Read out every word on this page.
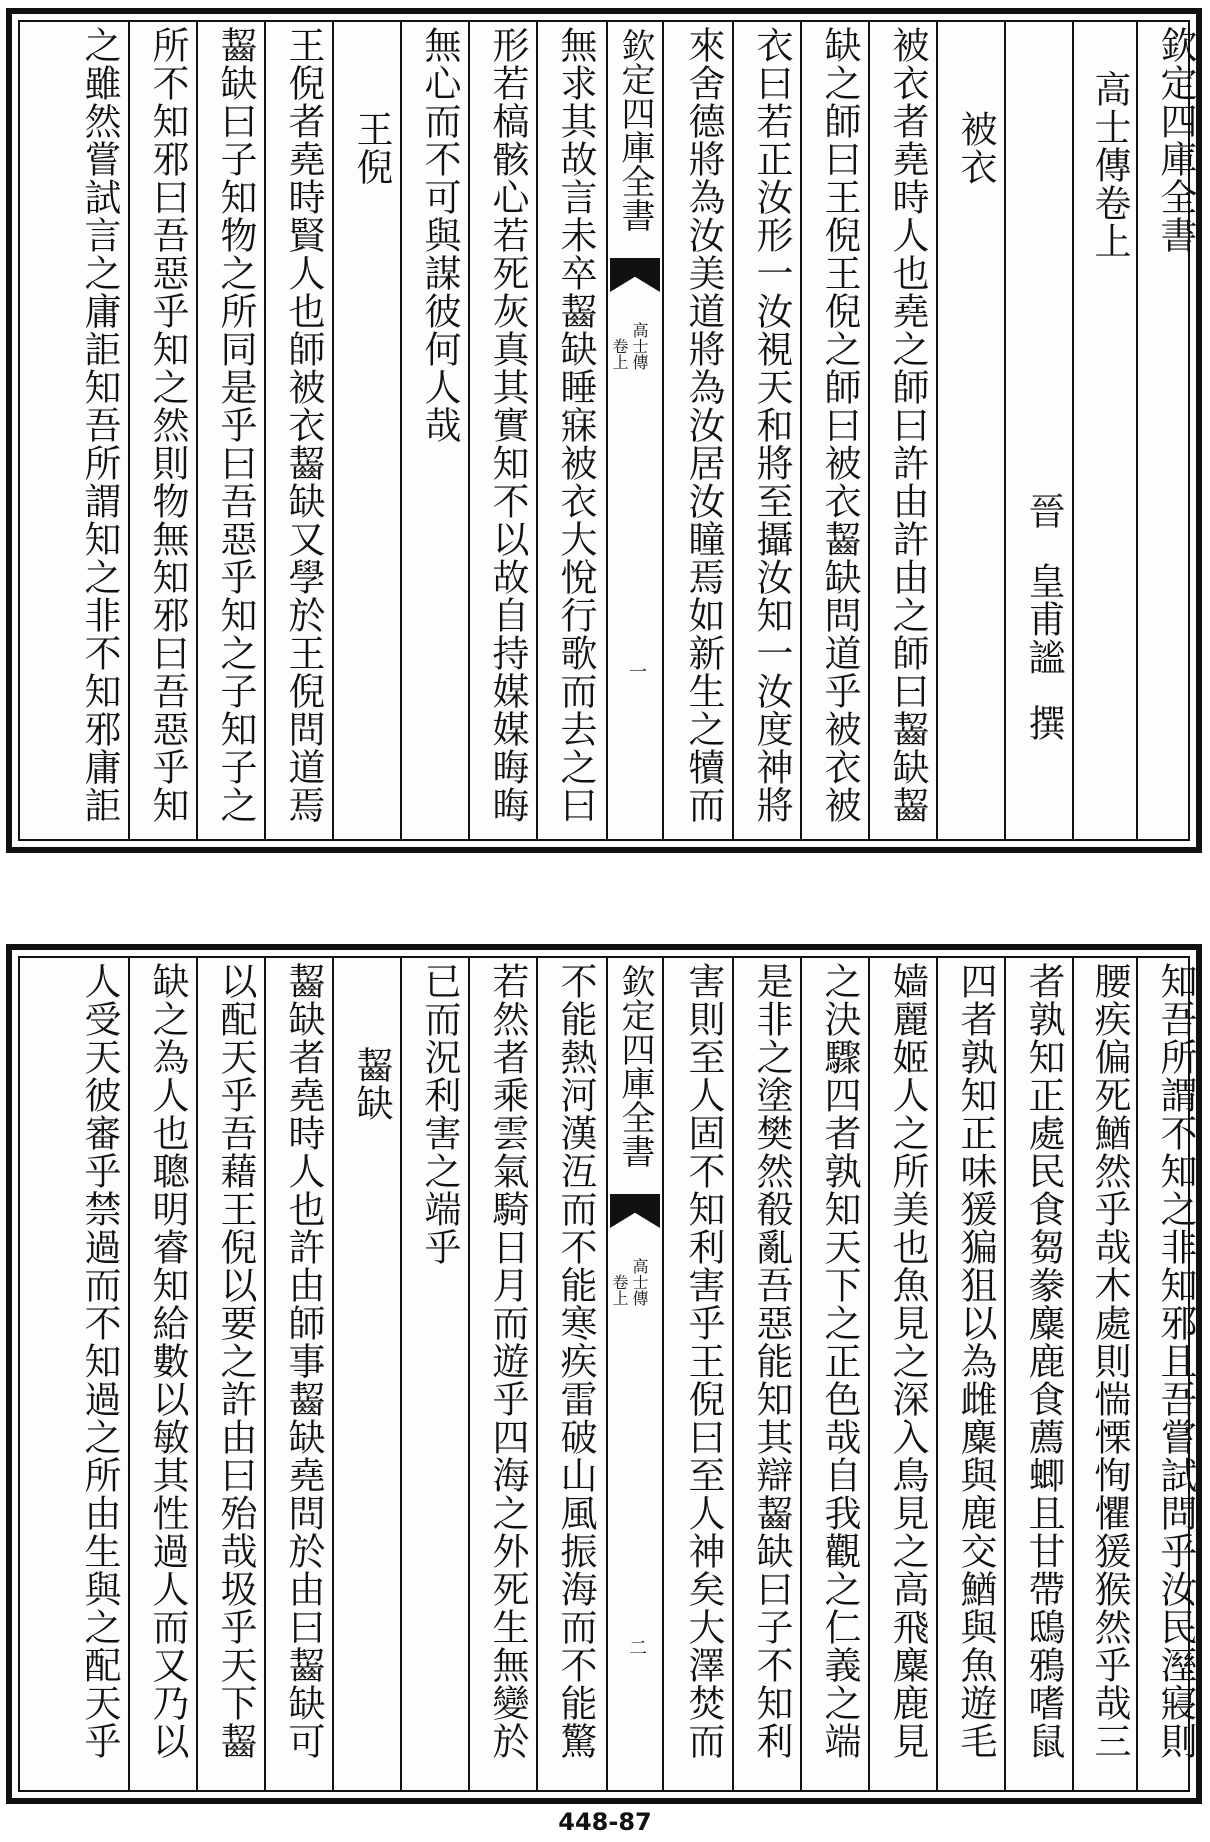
欽定四庫全書
高士傳卷上
晉皇甫謐撰
被衣
被衣者堯時人也堯之師曰許由許由之師曰齧缺齧
缺之師曰王倪王倪之師曰被衣齧缺問道乎被衣被
衣曰若正汝形一汝視天和將至攝汝知一汝度神將
來舍德將為汝美道將為汝居汝瞳焉如新生之犢而
欽定四庫全書
高士傳
卷上
一
無求其故言未卒齧缺睡寐被衣大悅行歌而去之曰
形若槁骸心若死灰真其實知不以故自持媒媒晦晦
無心而不可與謀彼何人哉
王倪
王倪者堯時賢人也師被衣齧缺又學於王倪問道焉
齧缺曰子知物之所同是乎曰吾惡乎知之子知子之
所不知邪曰吾惡乎知之然則物無知邪曰吾惡乎知
之雖然嘗試言之庸詎知吾所謂知之非不知邪庸詎
知吾所謂不知之非知邪且吾嘗試問乎汝民溼寢則
腰疾偏死鰌然乎哉木處則惴慄恂懼猨猴然乎哉三
者孰知正處民食芻豢麋鹿食薦蝍且甘帶鴟鴉嗜鼠
四者孰知正味猨猵狙以為雌麋與鹿交鰌與魚遊毛
嫱麗姬人之所美也魚見之深入鳥見之高飛麋鹿見
之決驟四者孰知天下之正色哉自我觀之仁義之端
是非之塗樊然殽亂吾惡能知其辯齧缺曰子不知利
害則至人固不知利害乎王倪曰至人神矣大澤焚而
欽定四庫全書
高士傳
卷上
二
不能熱河漢沍而不能寒疾雷破山風振海而不能驚
若然者乘雲氣騎日月而遊乎四海之外死生無變於
已而況利害之端乎
齧缺
齧缺者堯時人也許由師事齧缺堯問於由曰齧缺可
以配天乎吾藉王倪以要之許由曰殆哉圾乎天下齧
缺之為人也聰明睿知給數以敏其性過人而又乃以
人受天彼審乎禁過而不知過之所由生與之配天乎
448-87
